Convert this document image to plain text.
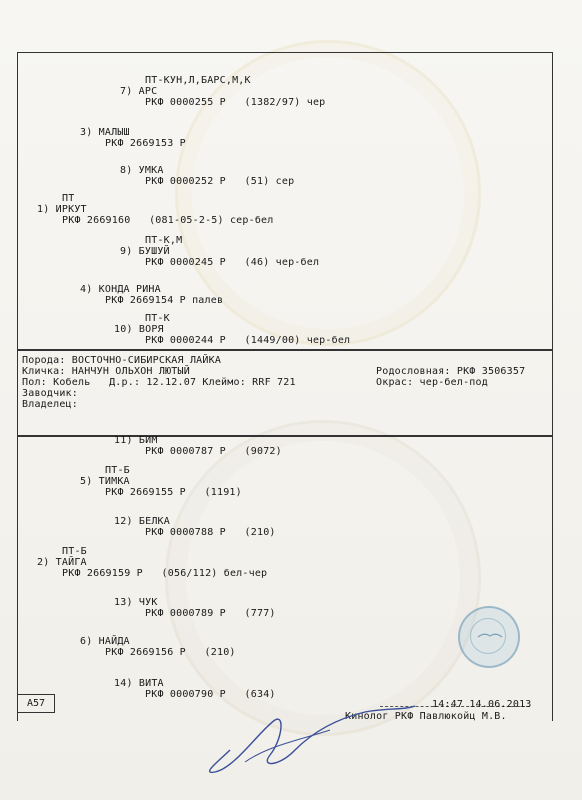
ПТ-КУН,Л,БАРС,М,К
7) АРС
РКФ 0000255 Р   (1382/97) чер
3) МАЛЫШ
РКФ 2669153 Р
8) УМКА
РКФ 0000252 Р   (51) сер
ПТ
1) ИРКУТ
РКФ 2669160   (081-05-2-5) сер-бел
ПТ-К,М
9) БУШУЙ
РКФ 0000245 Р   (46) чер-бел
4) КОНДА РИНА
РКФ 2669154 Р палев
ПТ-К
10) ВОРЯ
РКФ 0000244 Р   (1449/00) чер-бел
Порода: ВОСТОЧНО-СИБИРСКАЯ ЛАЙКА
Кличка: НАНЧУН ОЛЬХОН ЛЮТЫЙ
Пол: Кобель   Д.р.: 12.12.07 Клеймо: RRF 721
Заводчик:
Владелец:
Родословная: РКФ 3506357
Окрас: чер-бел-под
11) БИМ
РКФ 0000787 Р   (9072)
ПТ-Б
5) ТИМКА
РКФ 2669155 Р   (1191)
12) БЕЛКА
РКФ 0000788 Р   (210)
ПТ-Б
2) ТАЙГА
РКФ 2669159 Р   (056/112) бел-чер
13) ЧУК
РКФ 0000789 Р   (777)
6) НАЙДА
РКФ 2669156 Р   (210)
14) ВИТА
РКФ 0000790 Р   (634)
A57	14:47 14.06.2013
Кинолог РКФ Павлюкойц М.В.
